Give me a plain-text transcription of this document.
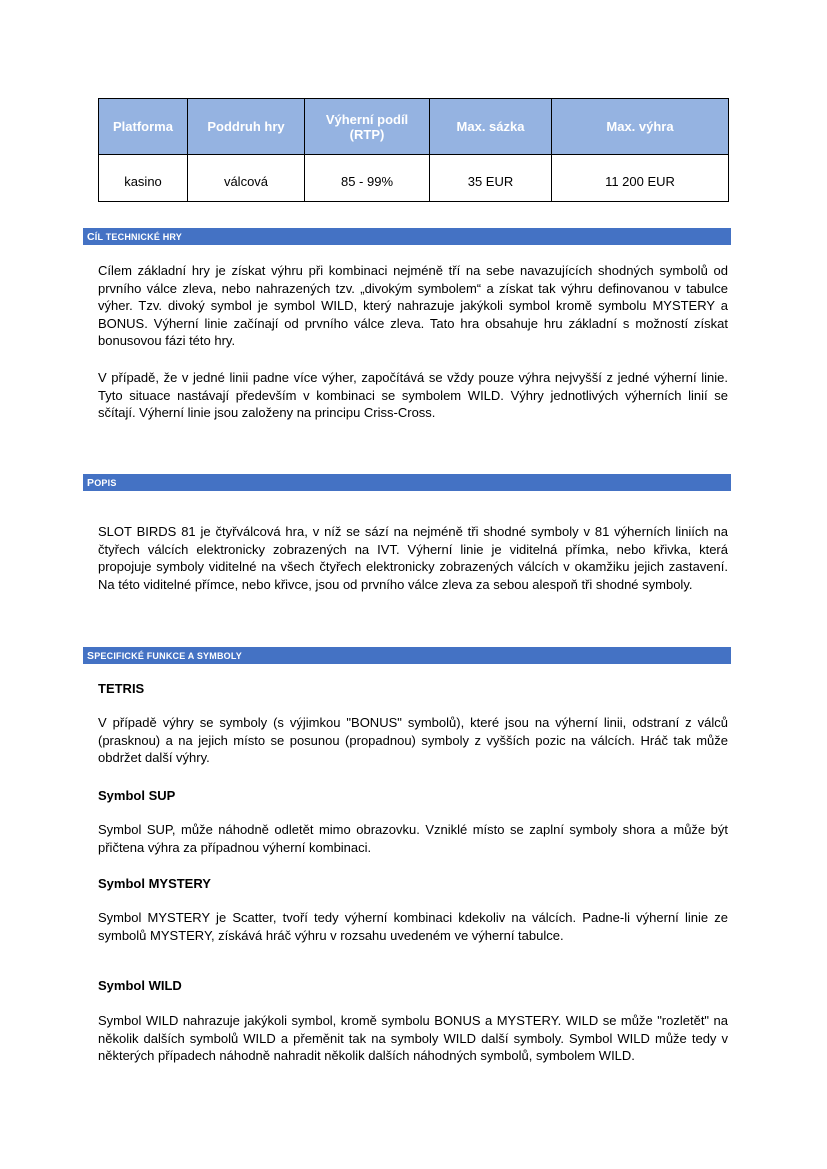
Platforma	Poddruh hry	Výherní podíl (RTP)	Max. sázka	Max. výhra
kasino	válcová	85 - 99%	35 EUR	11 200 EUR
CÍL TECHNICKÉ HRY

Cílem základní hry je získat výhru při kombinaci nejméně tří na sebe navazujících shodných symbolů od prvního válce zleva, nebo nahrazených tzv. „divokým symbolem“ a získat tak výhru definovanou v tabulce výher. Tzv. divoký symbol je symbol WILD, který nahrazuje jakýkoli symbol kromě symbolu MYSTERY a BONUS. Výherní linie začínají od prvního válce zleva. Tato hra obsahuje hru základní s možností získat bonusovou fázi této hry.

V případě, že v jedné linii padne více výher, započítává se vždy pouze výhra nejvyšší z jedné výherní linie. Tyto situace nastávají především v kombinaci se symbolem WILD. Výhry jednotlivých výherních linií se sčítají. Výherní linie jsou založeny na principu Criss-Cross.

POPIS

SLOT BIRDS 81 je čtyřválcová hra, v níž se sází na nejméně tři shodné symboly v 81 výherních liniích na čtyřech válcích elektronicky zobrazených na IVT. Výherní linie je viditelná přímka, nebo křivka, která propojuje symboly viditelné na všech čtyřech elektronicky zobrazených válcích v okamžiku jejich zastavení. Na této viditelné přímce, nebo křivce, jsou od prvního válce zleva za sebou alespoň tři shodné symboly.

SPECIFICKÉ FUNKCE A SYMBOLY

TETRIS

V případě výhry se symboly (s výjimkou "BONUS" symbolů), které jsou na výherní linii, odstraní z válců (prasknou) a na jejich místo se posunou (propadnou) symboly z vyšších pozic na válcích. Hráč tak může obdržet další výhry.

Symbol SUP

Symbol SUP, může náhodně odletět mimo obrazovku. Vzniklé místo se zaplní symboly shora a může být přičtena výhra za případnou výherní kombinaci.

Symbol MYSTERY

Symbol MYSTERY je Scatter, tvoří tedy výherní kombinaci kdekoliv na válcích. Padne-li výherní linie ze symbolů MYSTERY, získává hráč výhru v rozsahu uvedeném ve výherní tabulce.

Symbol WILD

Symbol WILD nahrazuje jakýkoli symbol, kromě symbolu BONUS a MYSTERY. WILD se může "rozletět" na několik dalších symbolů WILD a přeměnit tak na symboly WILD další symboly. Symbol WILD může tedy v některých případech náhodně nahradit několik dalších náhodných symbolů, symbolem WILD.
